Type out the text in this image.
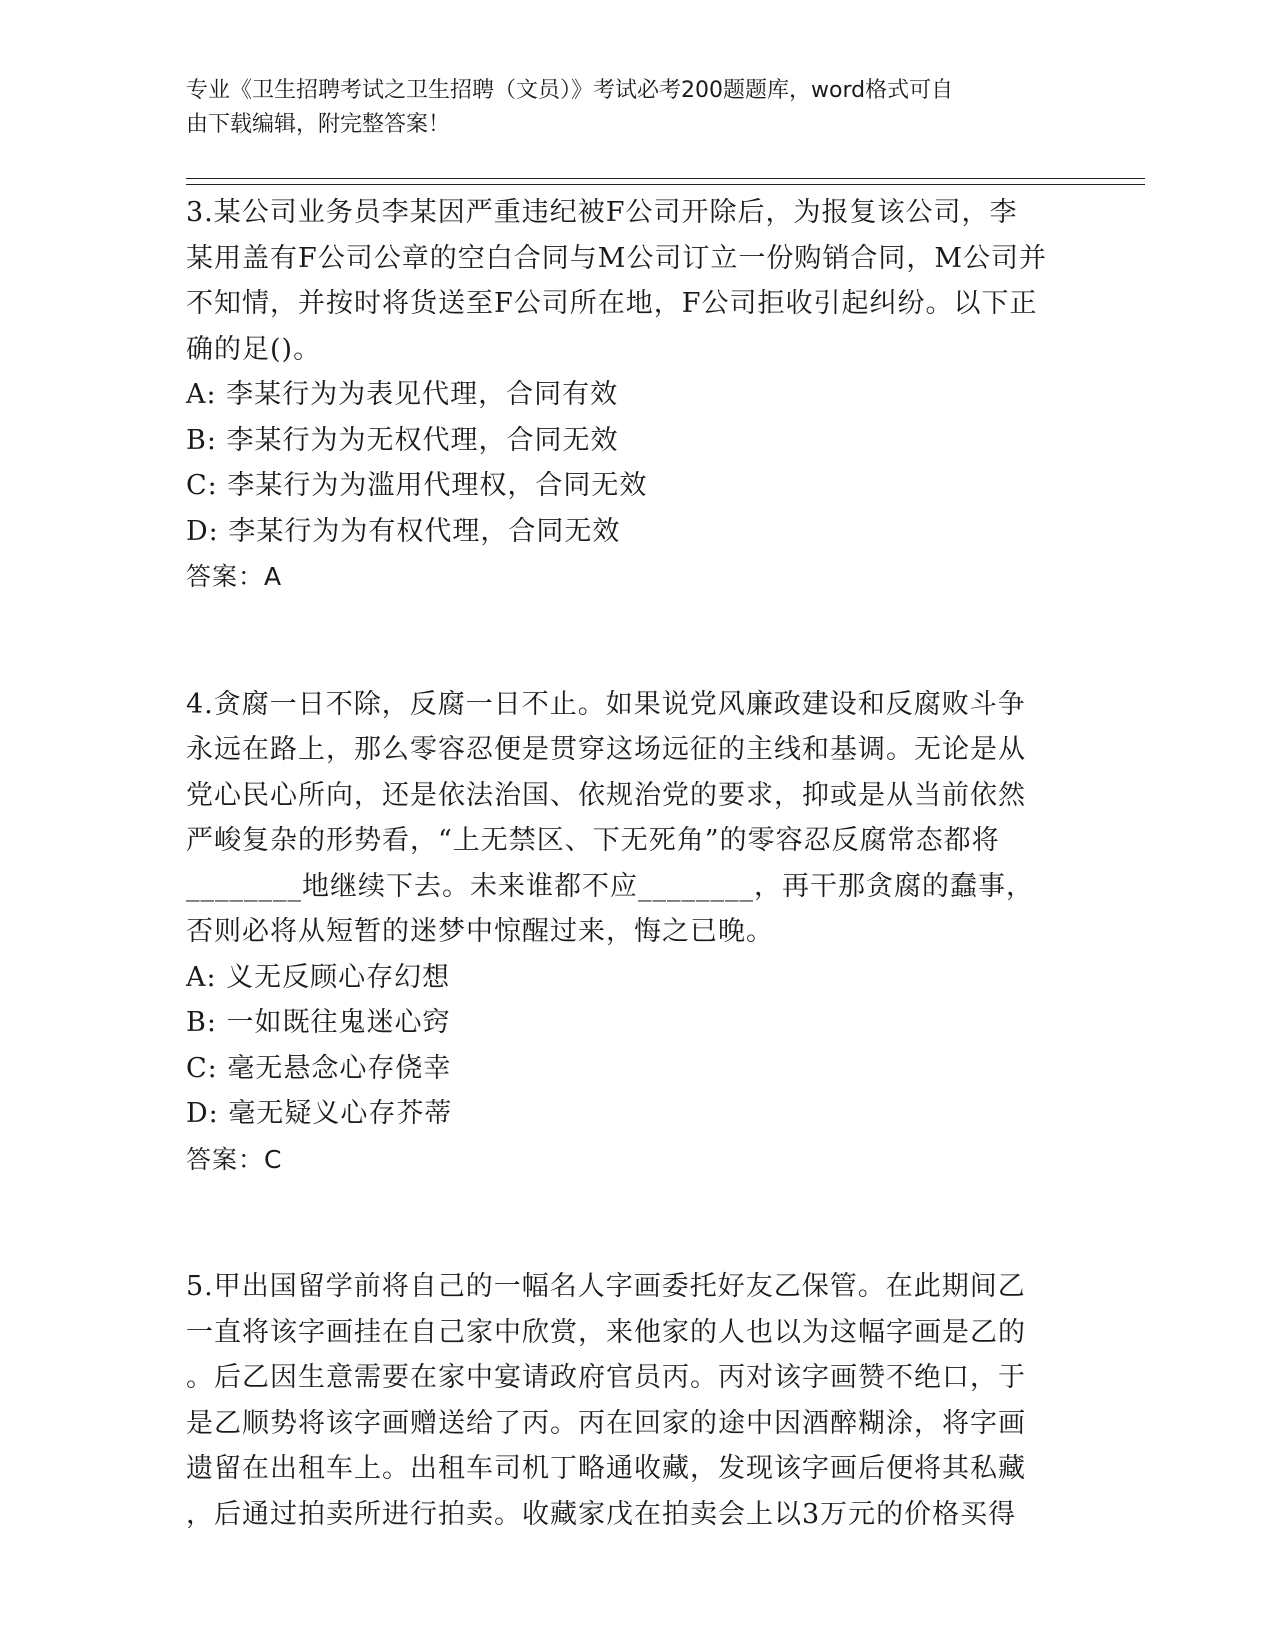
专业《卫生招聘考试之卫生招聘（文员）》考试必考200题题库，word格式可自
由下载编辑，附完整答案！

3.某公司业务员李某因严重违纪被F公司开除后，为报复该公司，李

某用盖有F公司公章的空白合同与M公司订立一份购销合同，M公司并

不知情，并按时将货送至F公司所在地，F公司拒收引起纠纷。以下正

确的足()。

A: 李某行为为表见代理，合同有效

B: 李某行为为无权代理，合同无效

C: 李某行为为滥用代理权，合同无效

D: 李某行为为有权代理，合同无效

答案：A

4.贪腐一日不除，反腐一日不止。如果说党风廉政建设和反腐败斗争

永远在路上，那么零容忍便是贯穿这场远征的主线和基调。无论是从

党心民心所向，还是依法治国、依规治党的要求，抑或是从当前依然

严峻复杂的形势看，“上无禁区、下无死角”的零容忍反腐常态都将

________地继续下去。未来谁都不应________，再干那贪腐的蠢事，

否则必将从短暂的迷梦中惊醒过来，悔之已晚。

A: 义无反顾心存幻想

B: 一如既往鬼迷心窍

C: 毫无悬念心存侥幸

D: 毫无疑义心存芥蒂

答案：C

5.甲出国留学前将自己的一幅名人字画委托好友乙保管。在此期间乙

一直将该字画挂在自己家中欣赏，来他家的人也以为这幅字画是乙的

。后乙因生意需要在家中宴请政府官员丙。丙对该字画赞不绝口，于

是乙顺势将该字画赠送给了丙。丙在回家的途中因酒醉糊涂，将字画

遗留在出租车上。出租车司机丁略通收藏，发现该字画后便将其私藏

，后通过拍卖所进行拍卖。收藏家戊在拍卖会上以3万元的价格买得
